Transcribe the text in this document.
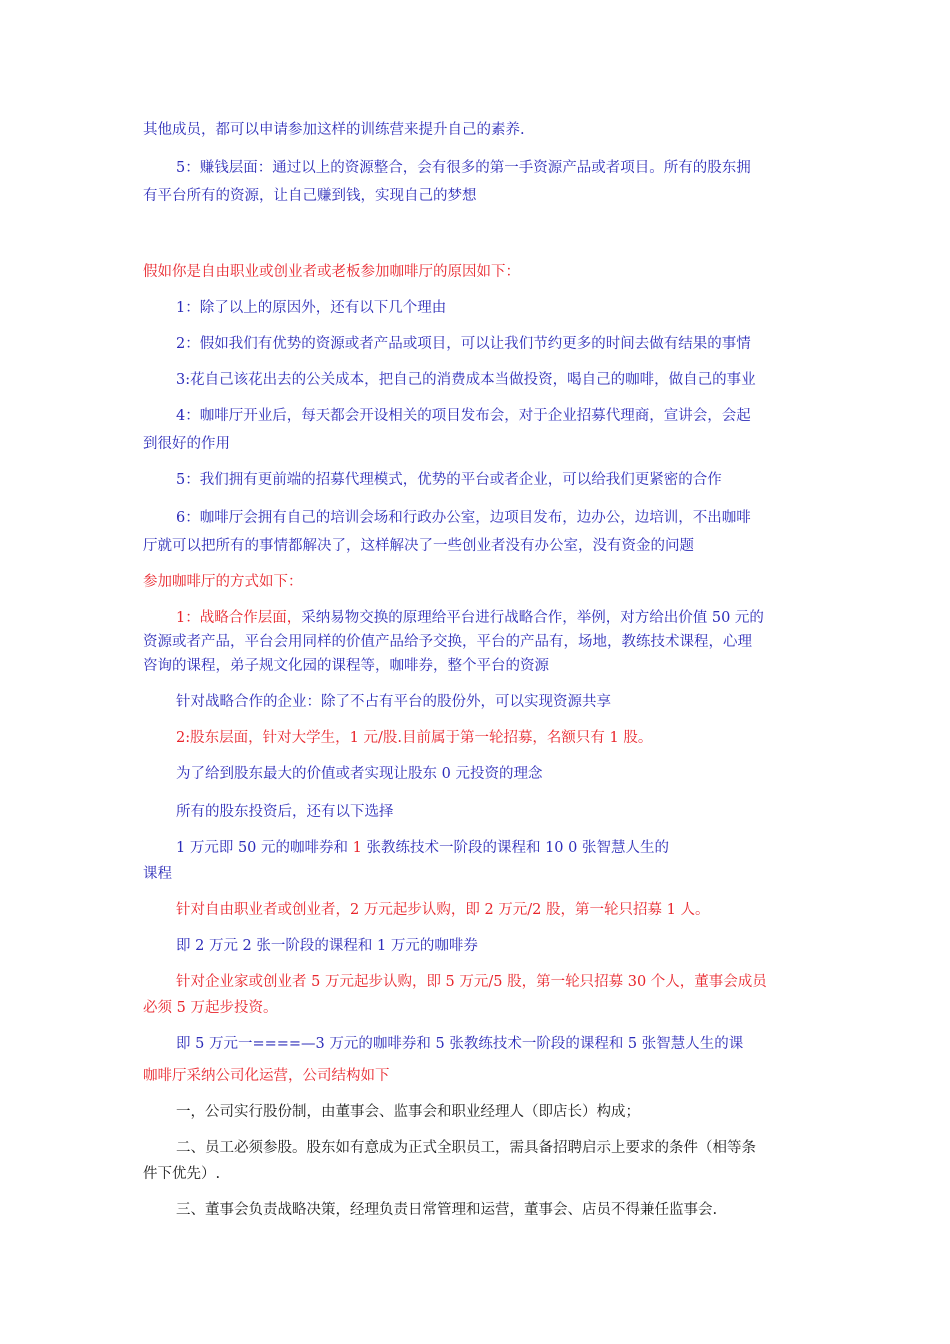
其他成员，都可以申请参加这样的训练营来提升自己的素养.
5：赚钱层面：通过以上的资源整合，会有很多的第一手资源产品或者项目。所有的股东拥
有平台所有的资源，让自己赚到钱，实现自己的梦想
假如你是自由职业或创业者或老板参加咖啡厅的原因如下：
1：除了以上的原因外，还有以下几个理由
2：假如我们有优势的资源或者产品或项目，可以让我们节约更多的时间去做有结果的事情
3:花自己该花出去的公关成本，把自己的消费成本当做投资，喝自己的咖啡，做自己的事业
4：咖啡厅开业后，每天都会开设相关的项目发布会，对于企业招募代理商，宣讲会，会起
到很好的作用
5：我们拥有更前端的招募代理模式，优势的平台或者企业，可以给我们更紧密的合作
6：咖啡厅会拥有自己的培训会场和行政办公室，边项目发布，边办公，边培训，不出咖啡
厅就可以把所有的事情都解决了，这样解决了一些创业者没有办公室，没有资金的问题
参加咖啡厅的方式如下：
1：战略合作层面，采纳易物交换的原理给平台进行战略合作，举例，对方给出价值 50 元的
资源或者产品，平台会用同样的价值产品给予交换，平台的产品有，场地，教练技术课程，心理
咨询的课程，弟子规文化园的课程等，咖啡券，整个平台的资源
针对战略合作的企业：除了不占有平台的股份外，可以实现资源共享
2:股东层面，针对大学生，1 元/股.目前属于第一轮招募，名额只有 1 股。
为了给到股东最大的价值或者实现让股东 0 元投资的理念
所有的股东投资后，还有以下选择
1 万元即 50 元的咖啡券和 1 张教练技术一阶段的课程和 10 0 张智慧人生的
课程
针对自由职业者或创业者，2 万元起步认购，即 2 万元/2 股，第一轮只招募 1 人。
即 2 万元 2 张一阶段的课程和 1 万元的咖啡券
针对企业家或创业者 5 万元起步认购，即 5 万元/5 股，第一轮只招募 30 个人，董事会成员
必须 5 万起步投资。
即 5 万元一====—3 万元的咖啡券和 5 张教练技术一阶段的课程和 5 张智慧人生的课
咖啡厅采纳公司化运营，公司结构如下
一，公司实行股份制，由董事会、监事会和职业经理人（即店长）构成；
二、员工必须参股。股东如有意成为正式全职员工，需具备招聘启示上要求的条件（相等条
件下优先）.
三、董事会负责战略决策，经理负责日常管理和运营，董事会、店员不得兼任监事会.
